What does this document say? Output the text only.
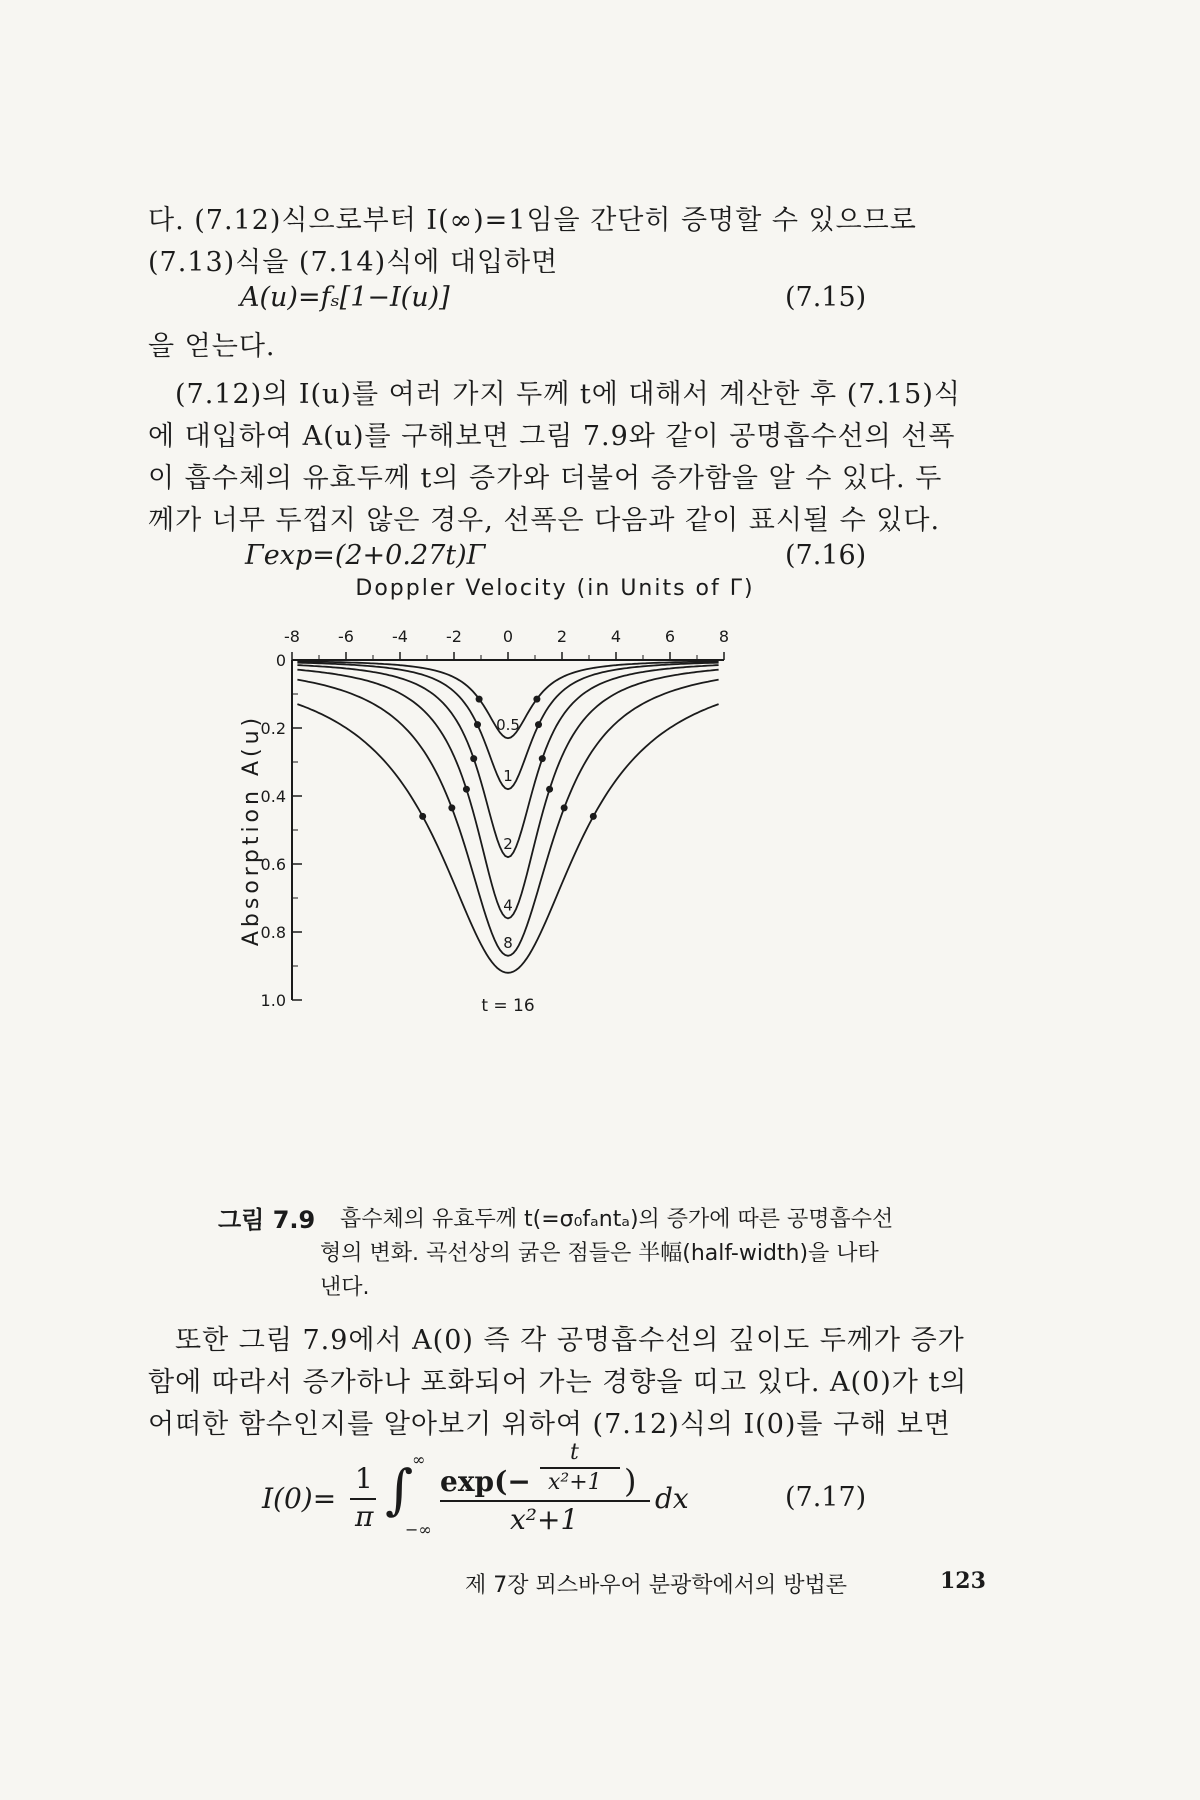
다. (7.12)식으로부터 I(∞)=1임을 간단히 증명할 수 있으므로
(7.13)식을 (7.14)식에 대입하면
A(u)=fₛ[1−I(u)]	(7.15)
을 얻는다.
(7.12)의 I(u)를 여러 가지 두께 t에 대해서 계산한 후 (7.15)식
에 대입하여 A(u)를 구해보면 그림 7.9와 같이 공명흡수선의 선폭
이 흡수체의 유효두께 t의 증가와 더불어 증가함을 알 수 있다. 두
께가 너무 두껍지 않은 경우, 선폭은 다음과 같이 표시될 수 있다.
Γexp=(2+0.27t)Γ	(7.16)
Doppler Velocity (in Units of Γ)
Absorption A(u)
-8 -6 -4 -2	0	2	4	6	8
0
0.2
0.4
0.6
0.8
1.0
0.5
1
2
4
8
t = 16
그림 7.9 흡수체의 유효두께 t(=σ₀fₐntₐ)의 증가에 따른 공명흡수선
형의 변화. 곡선상의 굵은 점들은 半幅(half-width)을 나타
낸다.
또한 그림 7.9에서 A(0) 즉 각 공명흡수선의 깊이도 두께가 증가
함에 따라서 증가하나 포화되어 가는 경향을 띠고 있다. A(0)가 t의
어떠한 함수인지를 알아보기 위하여 (7.12)식의 I(0)를 구해 보면
I(0)=
1
π ∫
∞
−∞
exp(−
t
x²+1 )
x²+1
dx	(7.17)
제 7장 뫼스바우어 분광학에서의 방법론	123
